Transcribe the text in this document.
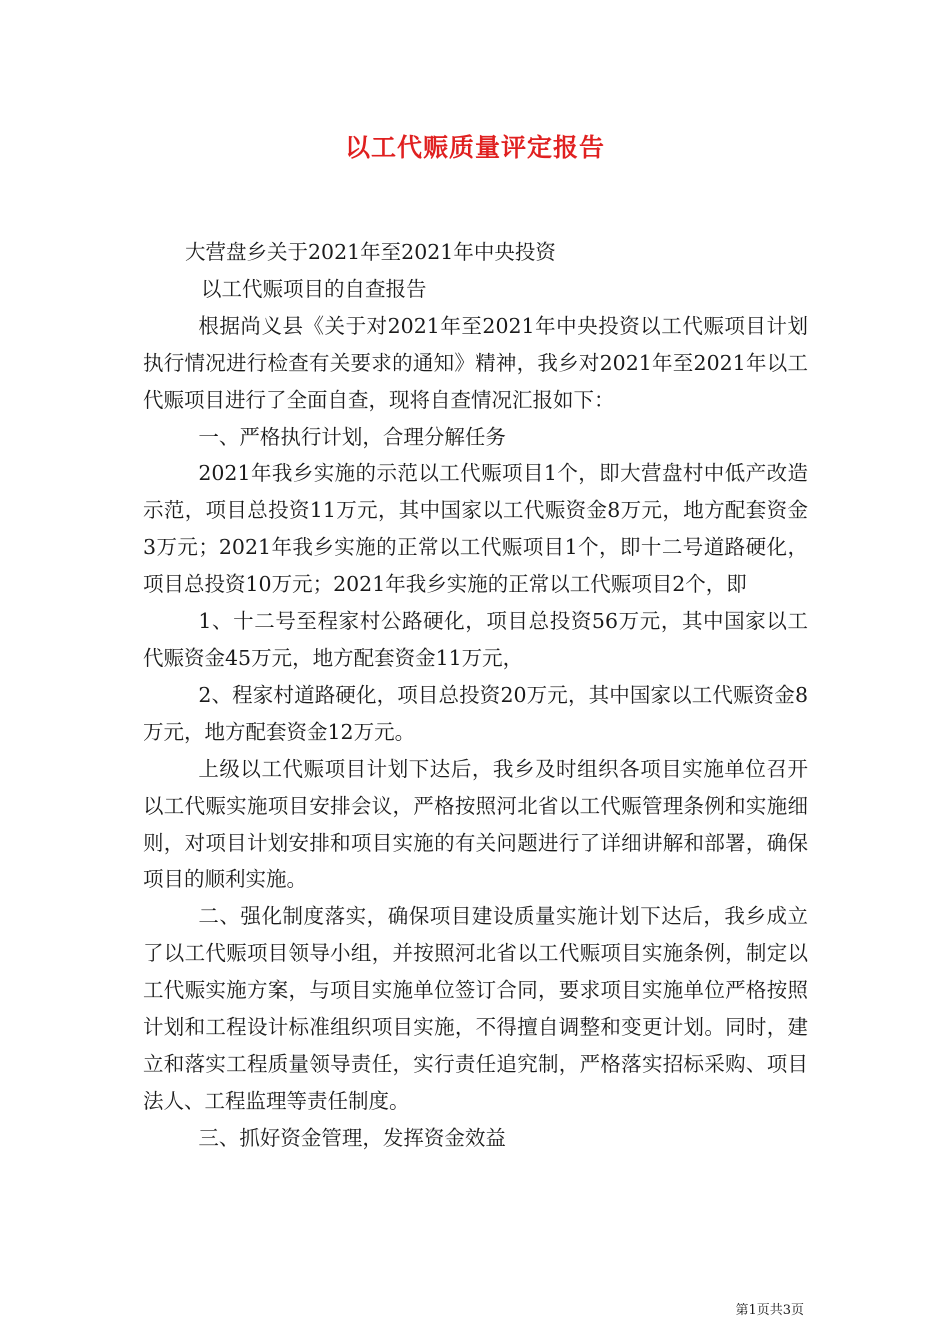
以工代赈质量评定报告

大营盘乡关于2021年至2021年中央投资

以工代赈项目的自查报告

根据尚义县《关于对2021年至2021年中央投资以工代赈项目计划执行情况进行检查有关要求的通知》精神，我乡对2021年至2021年以工代赈项目进行了全面自查，现将自查情况汇报如下：

一、严格执行计划，合理分解任务

2021年我乡实施的示范以工代赈项目1个，即大营盘村中低产改造示范，项目总投资11万元，其中国家以工代赈资金8万元，地方配套资金3万元；2021年我乡实施的正常以工代赈项目1个，即十二号道路硬化，项目总投资10万元；2021年我乡实施的正常以工代赈项目2个，即

1、十二号至程家村公路硬化，项目总投资56万元，其中国家以工代赈资金45万元，地方配套资金11万元，

2、程家村道路硬化，项目总投资20万元，其中国家以工代赈资金8万元，地方配套资金12万元。

上级以工代赈项目计划下达后，我乡及时组织各项目实施单位召开以工代赈实施项目安排会议，严格按照河北省以工代赈管理条例和实施细则，对项目计划安排和项目实施的有关问题进行了详细讲解和部署，确保项目的顺利实施。

二、强化制度落实，确保项目建设质量实施计划下达后，我乡成立了以工代赈项目领导小组，并按照河北省以工代赈项目实施条例，制定以工代赈实施方案，与项目实施单位签订合同，要求项目实施单位严格按照计划和工程设计标准组织项目实施，不得擅自调整和变更计划。同时，建立和落实工程质量领导责任，实行责任追究制，严格落实招标采购、项目法人、工程监理等责任制度。

三、抓好资金管理，发挥资金效益

第1页共3页
